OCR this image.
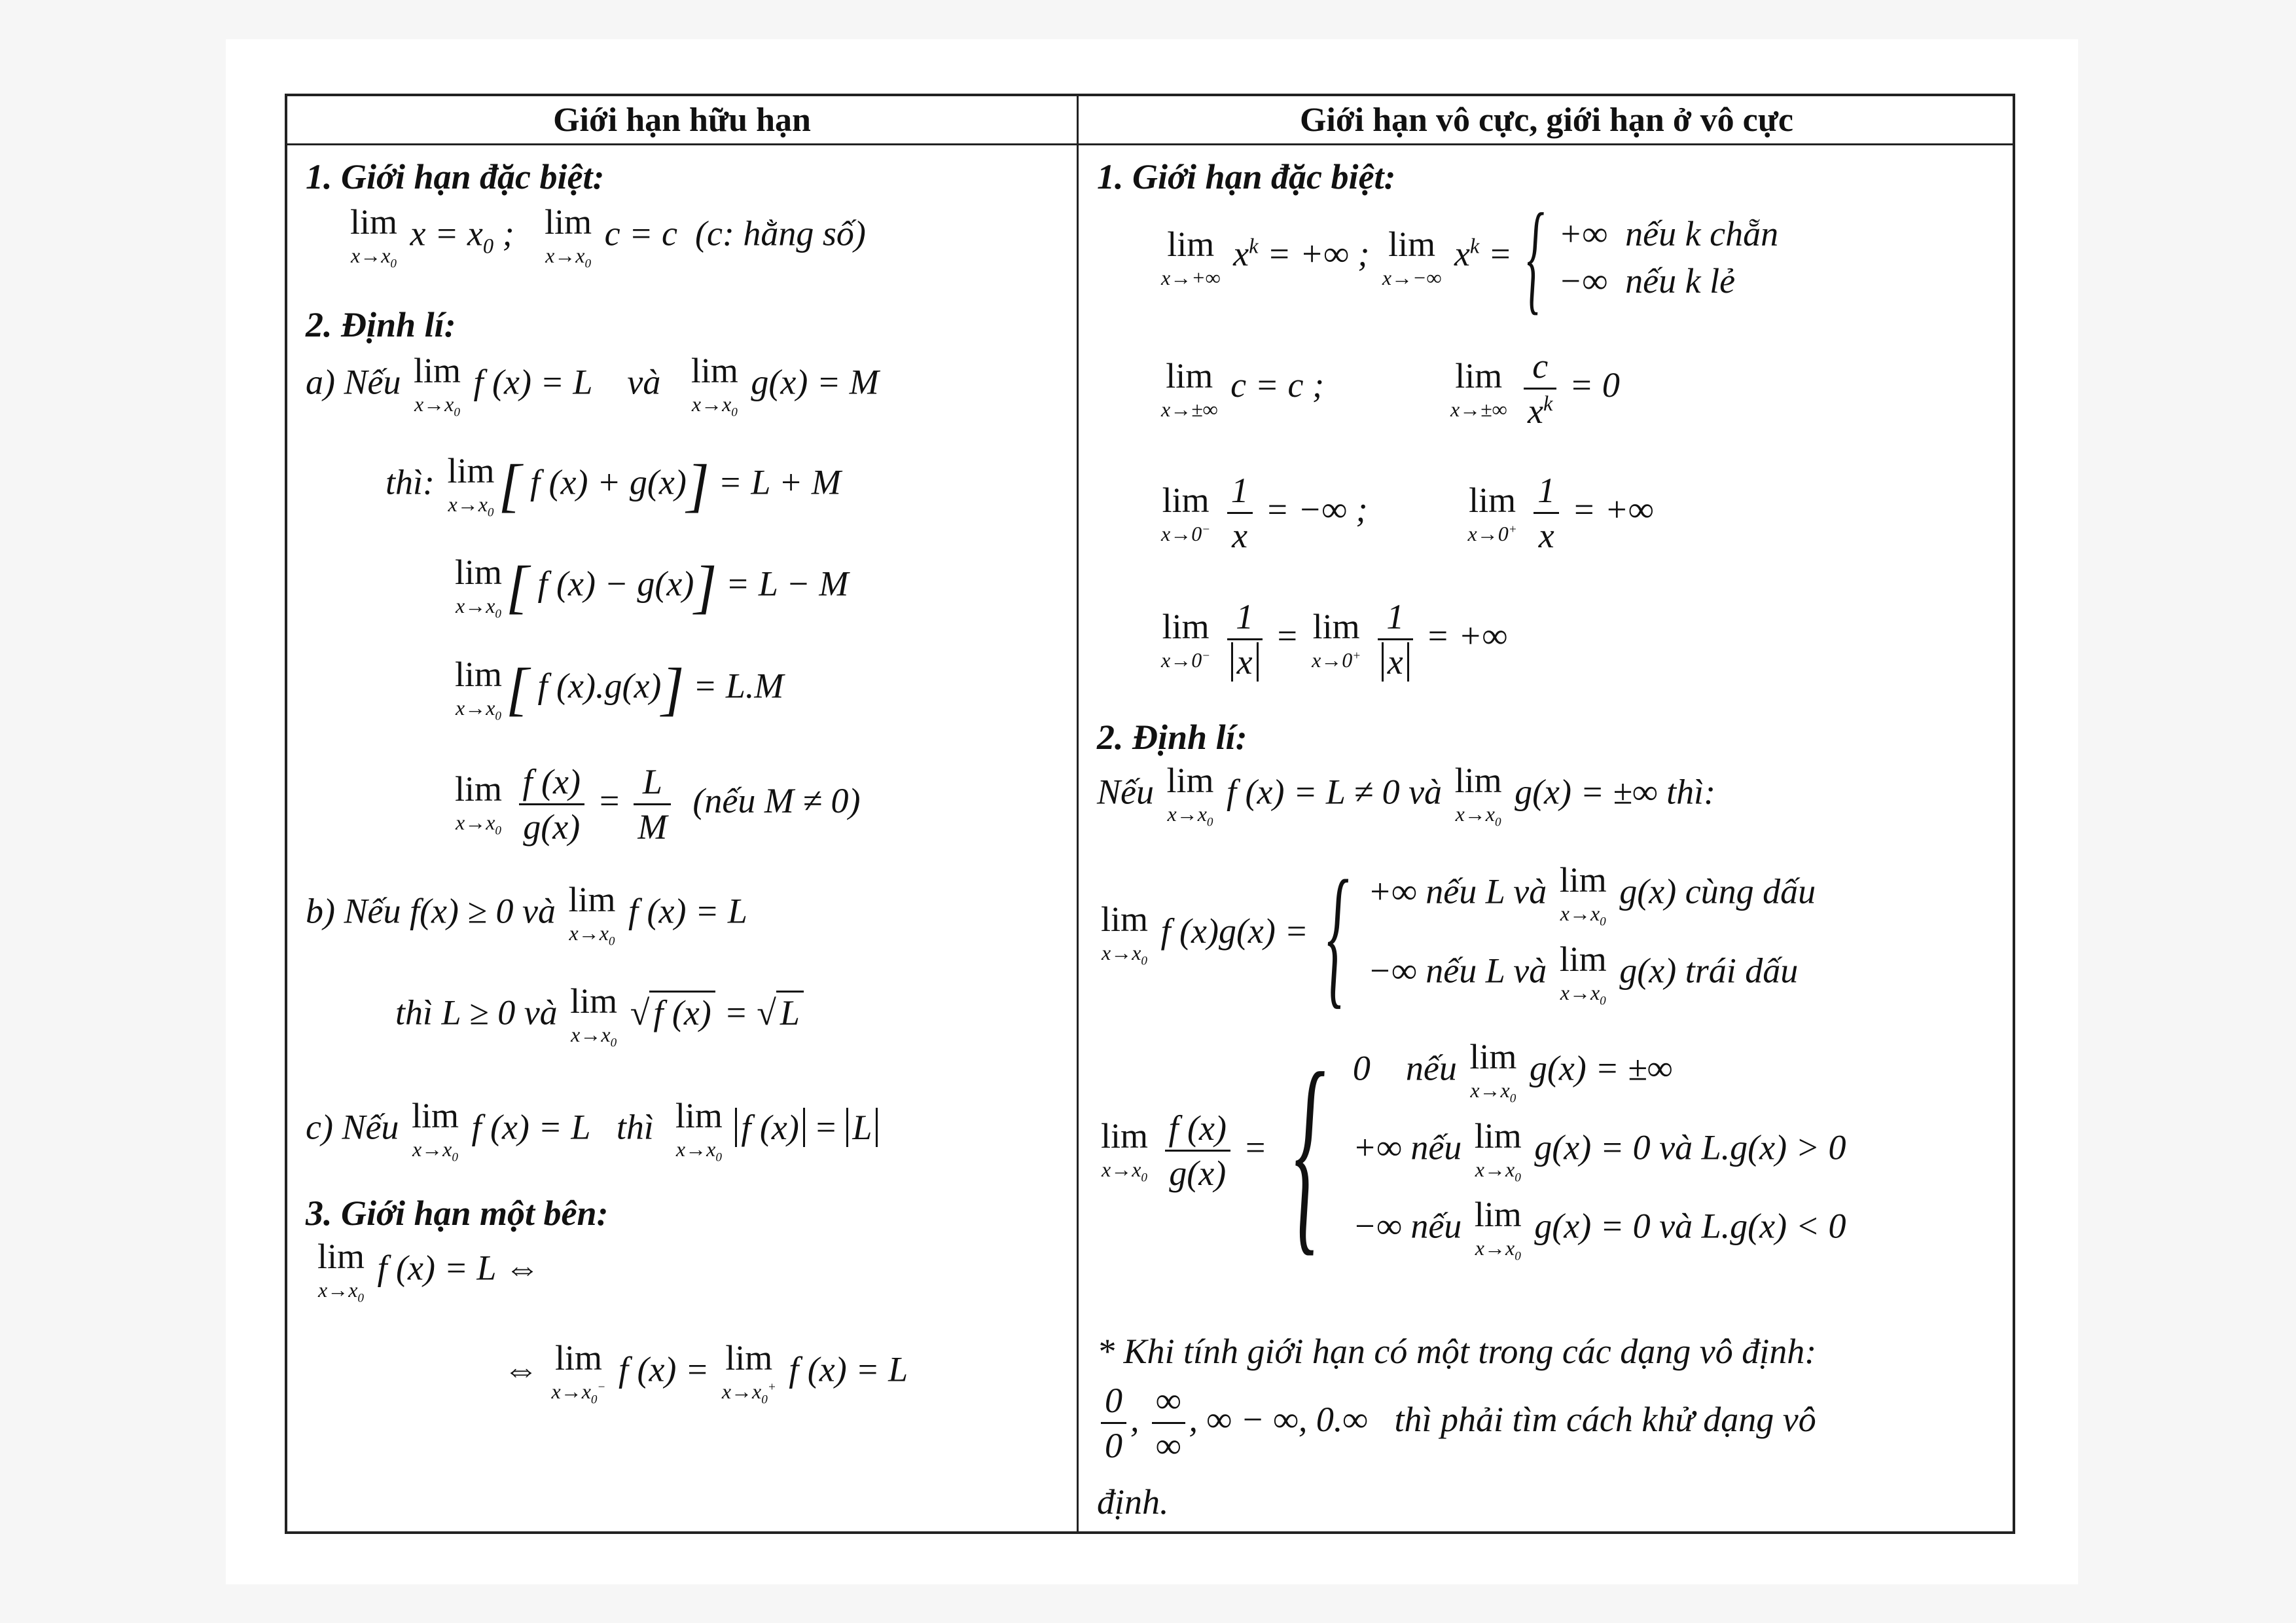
Giới hạn hữu hạn	Giới hạn vô cực, giới hạn ở vô cực
1. Giới hạn đặc biệt:
lim
$x\to x_0$
$x = x_0$ ; lim
$x\to x_0$
c = c  (c: hằng số)
2. Định lí:
a) Nếu lim
$x\to x_0$
f (x) = L    và lim
$x\to x_0$
g(x) = M
thì: lim
$x\to x_0$ [ f (x) + g(x)] = L + M
lim
$x\to x_0$ [ f (x) − g(x)] = L − M
lim
$x\to x_0$ [ f (x).g(x)] = L.M
lim
$x\to x_0$
$\frac{f (x)}{g(x)} = \frac{L}{M}$ (nếu M ≠ 0)
b) Nếu f(x) ≥ 0 và lim
$x\to x_0$
f (x) = L
thì L ≥ 0 và lim
$x\to x_0$
√ f (x) = √ L
c) Nếu lim
$x\to x_0$
f (x) = L   thì lim
$x\to x_0$
f (x) = L
3. Giới hạn một bên:
lim
$x\to x_0$
f (x) = L ⇔
⇔ lim
$x\to x_0^-$ f (x) = lim
$x\to x_0^+$ f (x) = L
1. Giới hạn đặc biệt:
lim
x→+∞
$x^k$ = +∞ ; lim
x→−∞
$x^k$ = { +∞  nếu k chẵn
−∞  nếu k lẻ
lim
x→±∞
c = c ;	lim
x→±∞
$\frac{c}{x^k} = 0$
lim
x→0−
$\frac{1}{x}$ = −∞ ;	lim
x→0+
$\frac{1}{x}$ = +∞
lim
x→0−
$\frac{1}{x} = \lim$
x→0+
$\frac{1}{x}$ = +∞
2. Định lí:
Nếu lim
$x\to x_0$
f (x) = L ≠ 0 và lim
$x\to x_0$
g(x) = ±∞ thì:
lim
$x\to x_0$
f (x)g(x) = { +∞ nếu L và lim
$x\to x_0$
g(x) cùng dấu
−∞ nếu L và lim
$x\to x_0$
g(x) trái dấu
lim
$x\to x_0$
$\frac{f (x)}{g(x)}$ = { 0    nếu lim
$x\to x_0$
g(x) = ±∞
+∞ nếu lim
$x\to x_0$
g(x) = 0 và L.g(x) > 0
−∞ nếu lim
$x\to x_0$
g(x) = 0 và L.g(x) < 0
* Khi tính giới hạn có một trong các dạng vô định:
$\frac{0}{0}$ , $\frac{\infty}{\infty}$ , ∞ − ∞, 0.∞   thì phải tìm cách khử dạng vô
định.
